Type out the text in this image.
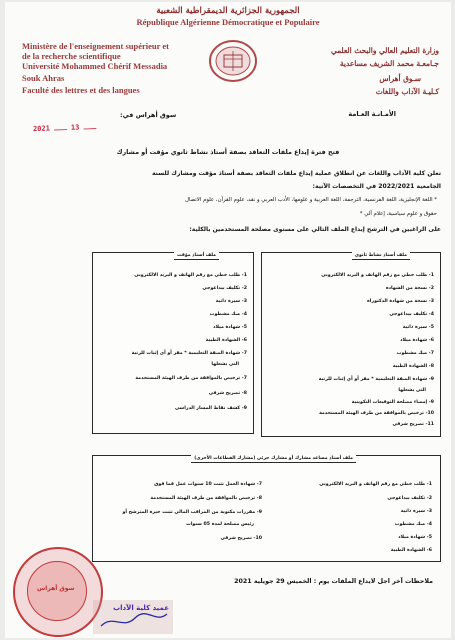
الجمهورية الجزائرية الديمقراطية الشعبية
République Algérienne Démocratique et Populaire
Ministère de l'enseignement supérieur et
de la recherche scientifique
Université Mohammed Chérif Messadia
Souk Ahras
Faculté des lettres et des langues
وزارة التعليم العالي والبحث العلمي
جـامعـة محمد الشريف مساعدية
سـوق أهراس
كـليـة الآداب واللغات
الأمـانـة العـامة
سوق أهراس في:
2021 ـــ 13 ـــ
فتح فترة إيداع ملفات التعاقد بصفة أستاذ نشاط ثانوي مؤقت أو مشارك
تعلن كلية الآداب واللغات عن انطلاق عملية إيداع ملفات التعاقد بصفة أستاذ مؤقت ومشارك للسنة
الجامعية 2022/2021 في التخصصات الآتية:
* اللغة الإنجليزية، اللغة الفرنسية، الترجمة، اللغة العربية و علومها، الأدب العربي و نقد، علوم القرآن، علوم الاتصال
حقوق و علوم سياسية، إعلام آلي *
على الراغبين في الترشح إيداع الملف التالي على مستوى مصلحة المستخدمين بالكلية:
ملف أستاذ نشاط ثانوي
1- طلب خطي مع رقم الهاتف و البريد الالكتروني
2- نسخة من الشهادة
3- نسخة من شهادة الدكتوراه
4- تكليف بيداغوجي
5- سيرة ذاتية
6- شهادة ميلاد
7- صك مشطوب
8- الشهادة الطبية
9- شهادة الصفة التعليمية * مقر أو أي إثبات للرتبة
التي يشغلها
9- إمضاء مصلحة التوقيعات التكوينية
10- ترخيص بالموافقة من طرف الهيئة المستخدمة
11- تصريح شرفي
ملف أستاذ مؤقت
1- طلب خطي مع رقم الهاتف و البريد الالكتروني
2- تكليف بيداغوجي
3- سيرة ذاتية
4- صك مشطوب
5- شهادة ميلاد
6- الشهادة الطبية
7- شهادة الصفة التعليمية * مقر أو أي إثبات للرتبة
التي يشغلها
7- ترخيص بالموافقة من طرف الهيئة المستخدمة
8- تصريح شرفي
9- كشف نقاط المسار الدراسي
ملف أستاذ مساعد مشارك أو مشارك جزئي (مشارك القطاعات الأخرى)
1- طلب خطي مع رقم الهاتف و البريد الالكتروني
2- تكليف بيداغوجي
3- سيرة ذاتية
4- صك مشطوب
5- شهادة ميلاد
6- الشهادة الطبية
7- شهادة العمل تثبت 10 سنوات عمل فما فوق
8- ترخيص بالموافقة من طرف الهيئة المستخدمة
9- مقررات مكتوبة من المراقب المالي تثبت خبرة المترشح أو
رئيس مصلحة لمدة 05 سنوات
10- تصريح شرفي
ملاحظات آخر اجل لايداع الملفات يوم : الخميس 29 جويلية 2021
سوق أهراس
عميد كلية الآداب
